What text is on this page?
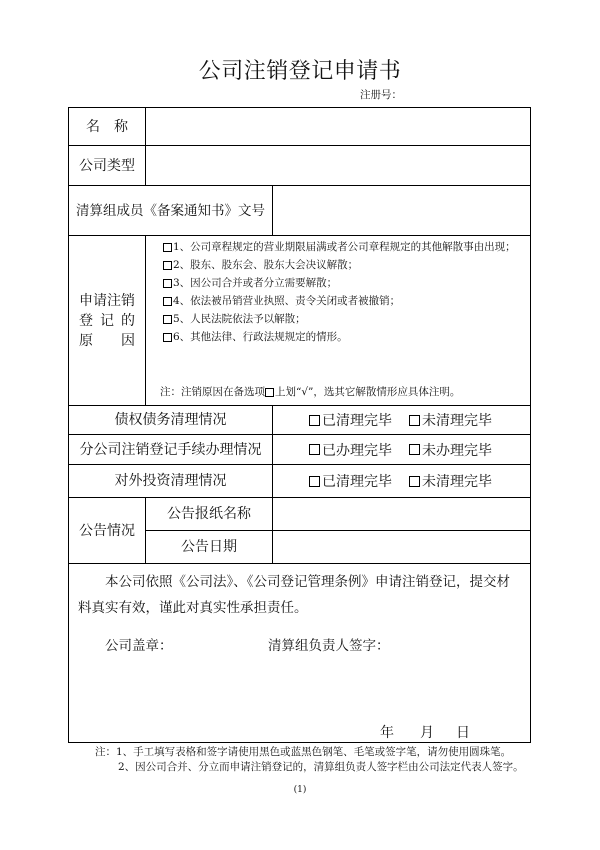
公司注销登记申请书
注册号：
名 称
公司类型
清算组成员《备案通知书》文号
申请注销
登 记 的
原 因
1、公司章程规定的营业期限届满或者公司章程规定的其他解散事由出现；
2、股东、股东会、股东大会决议解散；
3、因公司合并或者分立需要解散；
4、依法被吊销营业执照、责令关闭或者被撤销；
5、人民法院依法予以解散；
6、其他法律、行政法规规定的情形。
注：注销原因在备选项 上划“√”，选其它解散情形应具体注明。
债权债务清理情况	已清理完毕 未清理完毕
分公司注销登记手续办理情况	已办理完毕 未办理完毕
对外投资清理情况	已清理完毕 未清理完毕
公告情况
公告报纸名称
公告日期
本公司依照《公司法》、《公司登记管理条例》申请注销登记，提交材
料真实有效，谨此对真实性承担责任。
公司盖章：	清算组负责人签字：
年 月 日
注：1、手工填写表格和签字请使用黑色或蓝黑色钢笔、毛笔或签字笔，请勿使用圆珠笔。
2、因公司合并、分立而申请注销登记的，清算组负责人签字栏由公司法定代表人签字。
(1)
